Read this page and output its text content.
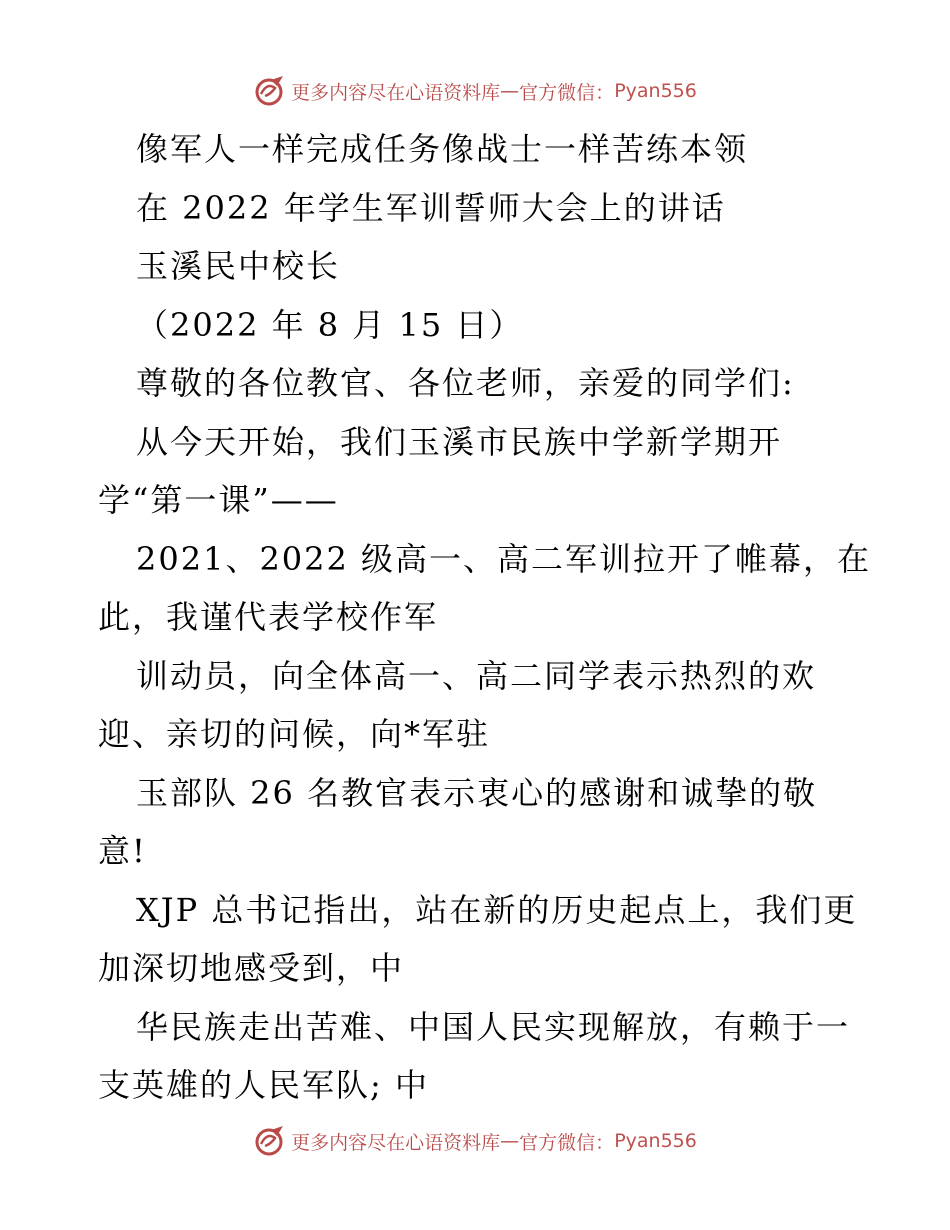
更多内容尽在心语资料库 — 官方微信： Pyan556
像军人一样完成任务像战士一样苦练本领
在 2022 年学生军训誓师大会上的讲话
玉溪民中校长
（2022 年 8 月 15 日）
尊敬的各位教官、各位老师，亲爱的同学们:
从今天开始，我们玉溪市民族中学新学期开
学“第一课”——
2021、2022 级高一、高二军训拉开了帷幕，在
此，我谨代表学校作军
训动员，向全体高一、高二同学表示热烈的欢
迎、亲切的问候，向*军驻
玉部队 26 名教官表示衷心的感谢和诚挚的敬
意!
XJP 总书记指出，站在新的历史起点上，我们更
加深切地感受到，中
华民族走出苦难、中国人民实现解放，有赖于一
支英雄的人民军队; 中
更多内容尽在心语资料库 — 官方微信： Pyan556
